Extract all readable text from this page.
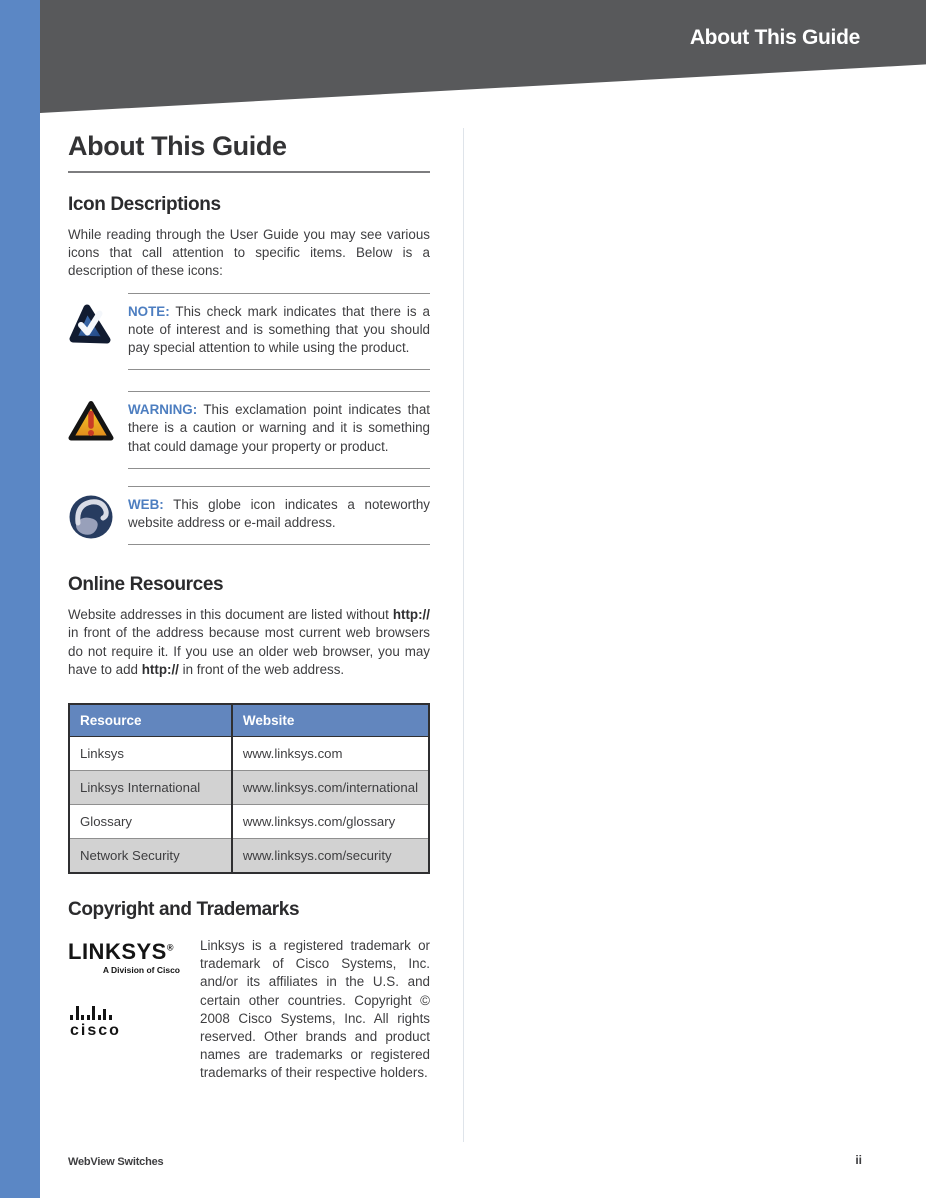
About This Guide
About This Guide
Icon Descriptions

While reading through the User Guide you may see various icons that call attention to specific items. Below is a description of these icons:

NOTE: This check mark indicates that there is a note of interest and is something that you should pay special attention to while using the product.
WARNING: This exclamation point indicates that there is a caution or warning and it is something that could damage your property or product.
WEB: This globe icon indicates a noteworthy website address or e-mail address.
Online Resources

Website addresses in this document are listed without http:// in front of the address because most current web browsers do not require it. If you use an older web browser, you may have to add http:// in front of the web address.

Resource	Website
Linksys	www.linksys.com
Linksys International	www.linksys.com/international
Glossary	www.linksys.com/glossary
Network Security	www.linksys.com/security
Copyright and Trademarks
LINKSYS®
A Division of Cisco
cisco
Linksys is a registered trademark or trademark of Cisco Systems, Inc. and/or its affiliates in the U.S. and certain other countries. Copyright © 2008 Cisco Systems, Inc. All rights reserved. Other brands and product names are trademarks or registered trademarks of their respective holders.
WebView Switches	ii
